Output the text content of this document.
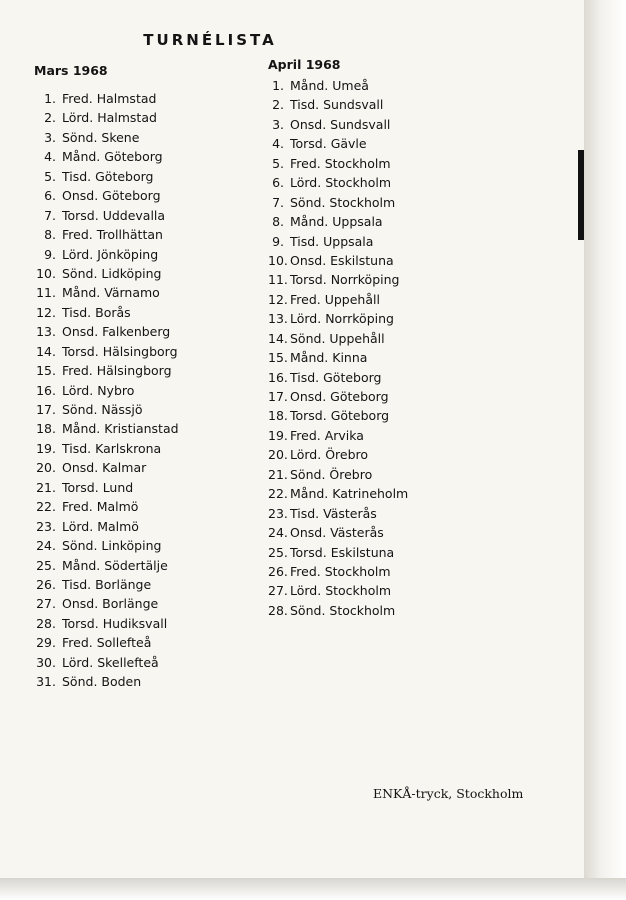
TURNÉLISTA
Mars 1968
1. Fred. Halmstad
2. Lörd. Halmstad
3. Sönd. Skene
4. Månd. Göteborg
5. Tisd. Göteborg
6. Onsd. Göteborg
7. Torsd. Uddevalla
8. Fred. Trollhättan
9. Lörd. Jönköping
10. Sönd. Lidköping
11. Månd. Värnamo
12. Tisd. Borås
13. Onsd. Falkenberg
14. Torsd. Hälsingborg
15. Fred. Hälsingborg
16. Lörd. Nybro
17. Sönd. Nässjö
18. Månd. Kristianstad
19. Tisd. Karlskrona
20. Onsd. Kalmar
21. Torsd. Lund
22. Fred. Malmö
23. Lörd. Malmö
24. Sönd. Linköping
25. Månd. Södertälje
26. Tisd. Borlänge
27. Onsd. Borlänge
28. Torsd. Hudiksvall
29. Fred. Sollefteå
30. Lörd. Skellefteå
31. Sönd. Boden
April 1968
1. Månd. Umeå
2. Tisd. Sundsvall
3. Onsd. Sundsvall
4. Torsd. Gävle
5. Fred. Stockholm
6. Lörd. Stockholm
7. Sönd. Stockholm
8. Månd. Uppsala
9. Tisd. Uppsala
10. Onsd. Eskilstuna
11. Torsd. Norrköping
12. Fred. Uppehåll
13. Lörd. Norrköping
14. Sönd. Uppehåll
15. Månd. Kinna
16. Tisd. Göteborg
17. Onsd. Göteborg
18. Torsd. Göteborg
19. Fred. Arvika
20. Lörd. Örebro
21. Sönd. Örebro
22. Månd. Katrineholm
23. Tisd. Västerås
24. Onsd. Västerås
25. Torsd. Eskilstuna
26. Fred. Stockholm
27. Lörd. Stockholm
28. Sönd. Stockholm

ENKÅ-tryck, Stockholm
